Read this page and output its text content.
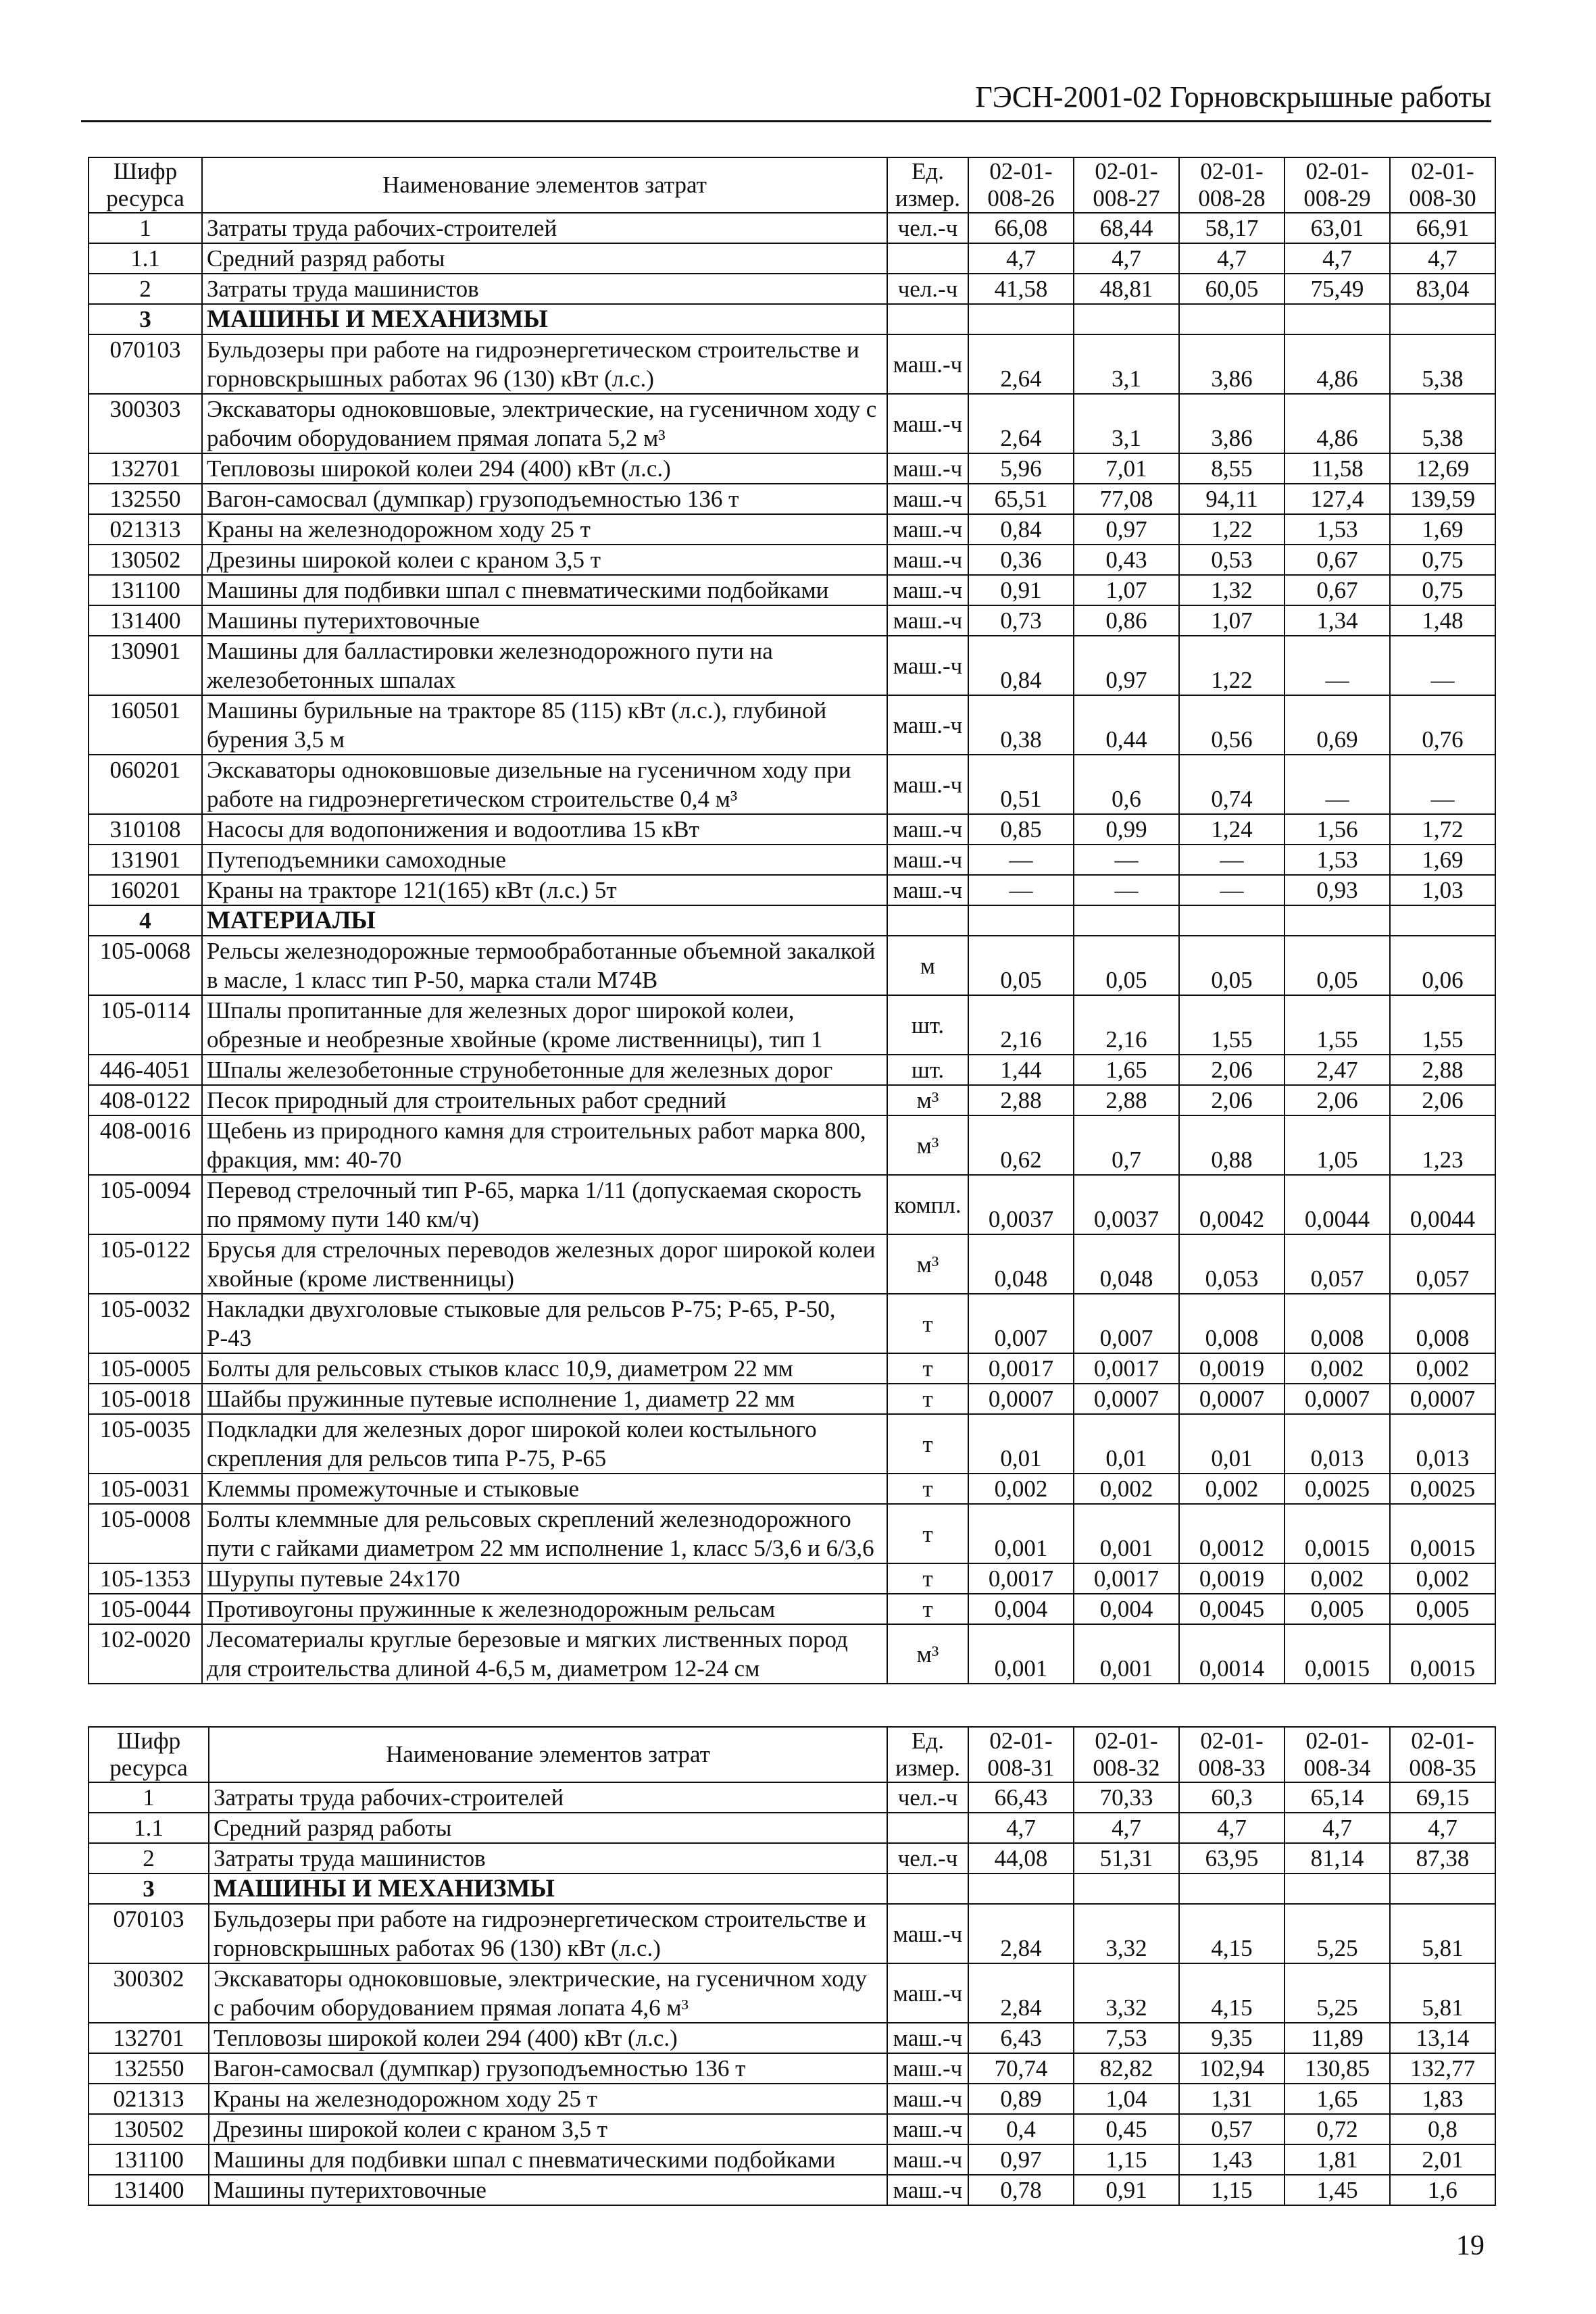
ГЭСН-2001-02 Горновскрышные работы
Шифр ресурса	Наименование элементов затрат	Ед. измер.	02-01-008-26	02-01-008-27	02-01-008-28	02-01-008-29	02-01-008-30
1	Затраты труда рабочих-строителей	чел.-ч	66,08	68,44	58,17	63,01	66,91
1.1	Средний разряд работы		4,7	4,7	4,7	4,7	4,7
2	Затраты труда машинистов	чел.-ч	41,58	48,81	60,05	75,49	83,04
3	МАШИНЫ И МЕХАНИЗМЫ						
070103	Бульдозеры при работе на гидроэнергетическом строительстве и горновскрышных работах 96 (130) кВт (л.с.)	маш.-ч	2,64	3,1	3,86	4,86	5,38
300303	Экскаваторы одноковшовые, электрические, на гусеничном ходу с рабочим оборудованием прямая лопата 5,2 м³	маш.-ч	2,64	3,1	3,86	4,86	5,38
132701	Тепловозы широкой колеи 294 (400) кВт (л.с.)	маш.-ч	5,96	7,01	8,55	11,58	12,69
132550	Вагон-самосвал (думпкар) грузоподъемностью 136 т	маш.-ч	65,51	77,08	94,11	127,4	139,59
021313	Краны на железнодорожном ходу 25 т	маш.-ч	0,84	0,97	1,22	1,53	1,69
130502	Дрезины широкой колеи с краном 3,5 т	маш.-ч	0,36	0,43	0,53	0,67	0,75
131100	Машины для подбивки шпал с пневматическими подбойками	маш.-ч	0,91	1,07	1,32	0,67	0,75
131400	Машины путерихтовочные	маш.-ч	0,73	0,86	1,07	1,34	1,48
130901	Машины для балластировки железнодорожного пути на железобетонных шпалах	маш.-ч	0,84	0,97	1,22	—	—
160501	Машины бурильные на тракторе 85 (115) кВт (л.с.), глубиной бурения 3,5 м	маш.-ч	0,38	0,44	0,56	0,69	0,76
060201	Экскаваторы одноковшовые дизельные на гусеничном ходу при работе на гидроэнергетическом строительстве 0,4 м³	маш.-ч	0,51	0,6	0,74	—	—
310108	Насосы для водопонижения и водоотлива 15 кВт	маш.-ч	0,85	0,99	1,24	1,56	1,72
131901	Путеподъемники самоходные	маш.-ч	—	—	—	1,53	1,69
160201	Краны на тракторе 121(165) кВт (л.с.) 5т	маш.-ч	—	—	—	0,93	1,03
4	МАТЕРИАЛЫ						
105-0068	Рельсы железнодорожные термообработанные объемной закалкой в масле, 1 класс тип Р-50, марка стали М74В	м	0,05	0,05	0,05	0,05	0,06
105-0114	Шпалы пропитанные для железных дорог широкой колеи, обрезные и необрезные хвойные (кроме лиственницы), тип 1	шт.	2,16	2,16	1,55	1,55	1,55
446-4051	Шпалы железобетонные струнобетонные для железных дорог	шт.	1,44	1,65	2,06	2,47	2,88
408-0122	Песок природный для строительных работ средний	м³	2,88	2,88	2,06	2,06	2,06
408-0016	Щебень из природного камня для строительных работ марка 800, фракция, мм: 40-70	м³	0,62	0,7	0,88	1,05	1,23
105-0094	Перевод стрелочный тип Р-65, марка 1/11 (допускаемая скорость по прямому пути 140 км/ч)	компл.	0,0037	0,0037	0,0042	0,0044	0,0044
105-0122	Брусья для стрелочных переводов железных дорог широкой колеи хвойные (кроме лиственницы)	м³	0,048	0,048	0,053	0,057	0,057
105-0032	Накладки двухголовые стыковые для рельсов Р-75; Р-65, Р-50, Р-43	т	0,007	0,007	0,008	0,008	0,008
105-0005	Болты для рельсовых стыков класс 10,9, диаметром 22 мм	т	0,0017	0,0017	0,0019	0,002	0,002
105-0018	Шайбы пружинные путевые исполнение 1, диаметр 22 мм	т	0,0007	0,0007	0,0007	0,0007	0,0007
105-0035	Подкладки для железных дорог широкой колеи костыльного скрепления для рельсов типа Р-75, Р-65	т	0,01	0,01	0,01	0,013	0,013
105-0031	Клеммы промежуточные и стыковые	т	0,002	0,002	0,002	0,0025	0,0025
105-0008	Болты клеммные для рельсовых скреплений железнодорожного пути с гайками диаметром 22 мм исполнение 1, класс 5/3,6 и 6/3,6	т	0,001	0,001	0,0012	0,0015	0,0015
105-1353	Шурупы путевые 24x170	т	0,0017	0,0017	0,0019	0,002	0,002
105-0044	Противоугоны пружинные к железнодорожным рельсам	т	0,004	0,004	0,0045	0,005	0,005
102-0020	Лесоматериалы круглые березовые и мягких лиственных пород для строительства длиной 4-6,5 м, диаметром 12-24 см	м³	0,001	0,001	0,0014	0,0015	0,0015
Шифр ресурса	Наименование элементов затрат	Ед. измер.	02-01-008-31	02-01-008-32	02-01-008-33	02-01-008-34	02-01-008-35
1	Затраты труда рабочих-строителей	чел.-ч	66,43	70,33	60,3	65,14	69,15
1.1	Средний разряд работы		4,7	4,7	4,7	4,7	4,7
2	Затраты труда машинистов	чел.-ч	44,08	51,31	63,95	81,14	87,38
3	МАШИНЫ И МЕХАНИЗМЫ						
070103	Бульдозеры при работе на гидроэнергетическом строительстве и горновскрышных работах 96 (130) кВт (л.с.)	маш.-ч	2,84	3,32	4,15	5,25	5,81
300302	Экскаваторы одноковшовые, электрические, на гусеничном ходу с рабочим оборудованием прямая лопата 4,6 м³	маш.-ч	2,84	3,32	4,15	5,25	5,81
132701	Тепловозы широкой колеи 294 (400) кВт (л.с.)	маш.-ч	6,43	7,53	9,35	11,89	13,14
132550	Вагон-самосвал (думпкар) грузоподъемностью 136 т	маш.-ч	70,74	82,82	102,94	130,85	132,77
021313	Краны на железнодорожном ходу 25 т	маш.-ч	0,89	1,04	1,31	1,65	1,83
130502	Дрезины широкой колеи с краном 3,5 т	маш.-ч	0,4	0,45	0,57	0,72	0,8
131100	Машины для подбивки шпал с пневматическими подбойками	маш.-ч	0,97	1,15	1,43	1,81	2,01
131400	Машины путерихтовочные	маш.-ч	0,78	0,91	1,15	1,45	1,6
19
